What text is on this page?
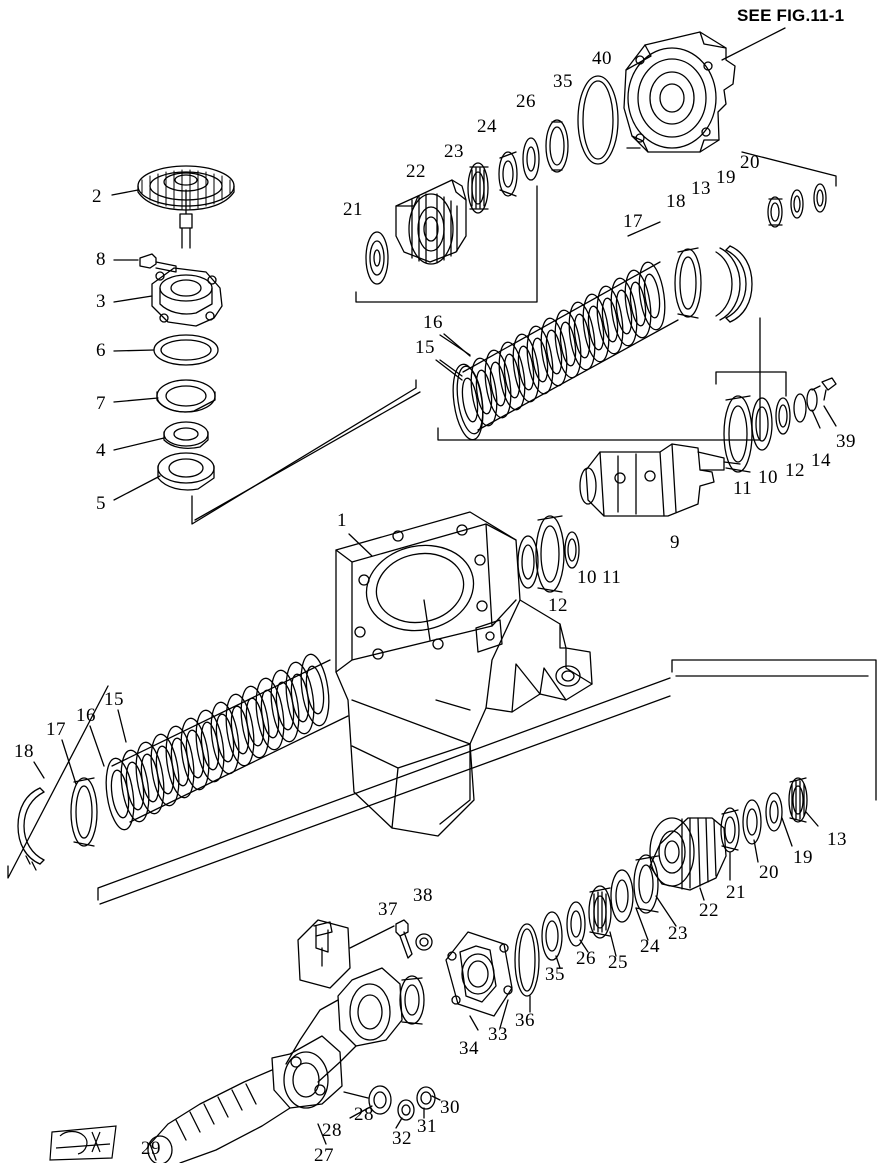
SEE FIG.11-1
2
8
3
6
7
4
5
21
22
23
24
26
35
40
20
19
13
18
17
16
15
39
14
12
10
11
9
1
12
10 11
18
17
16
15
13
19
20
21
22
23
24
25
26
35
36
33
34
37
38
28
28
30
31
32
27
29
